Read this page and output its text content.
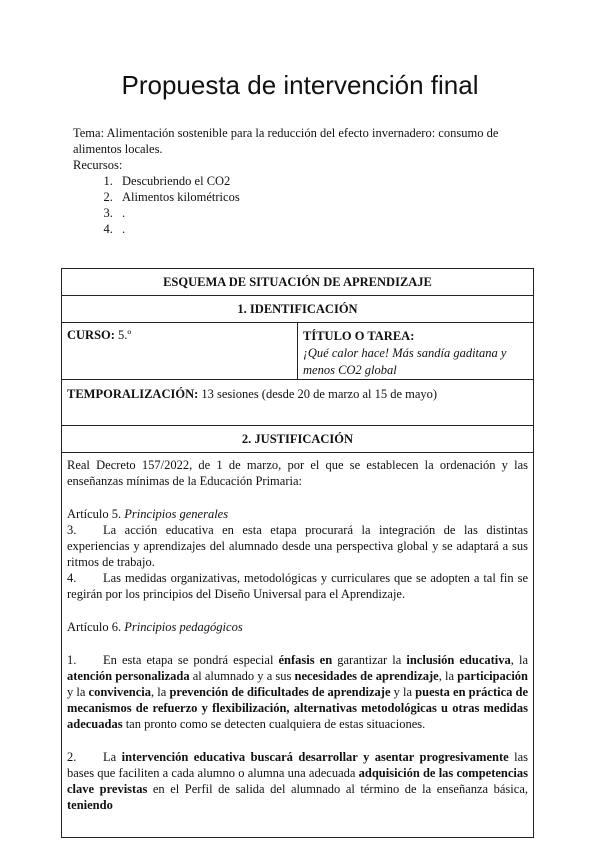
Propuesta de intervención final

Tema: Alimentación sostenible para la reducción del efecto invernadero: consumo de alimentos locales.

Recursos:

1. Descubriendo el CO2
2. Alimentos kilométricos
3. .
4. .
ESQUEMA DE SITUACIÓN DE APRENDIZAJE
1. IDENTIFICACIÓN
CURSO: 5.º	TÍTULO O TAREA:
¡Qué calor hace! Más sandía gaditana y menos CO2 global
TEMPORALIZACIÓN: 13 sesiones (desde 20 de marzo al 15 de mayo)
2. JUSTIFICACIÓN

Real Decreto 157/2022, de 1 de marzo, por el que se establecen la ordenación y las enseñanzas mínimas de la Educación Primaria:

Artículo 5. Principios generales

3. La acción educativa en esta etapa procurará la integración de las distintas experiencias y aprendizajes del alumnado desde una perspectiva global y se adaptará a sus ritmos de trabajo.

4. Las medidas organizativas, metodológicas y curriculares que se adopten a tal fin se regirán por los principios del Diseño Universal para el Aprendizaje.

Artículo 6. Principios pedagógicos

1. En esta etapa se pondrá especial énfasis en garantizar la inclusión educativa, la atención personalizada al alumnado y a sus necesidades de aprendizaje, la participación y la convivencia, la prevención de dificultades de aprendizaje y la puesta en práctica de mecanismos de refuerzo y flexibilización, alternativas metodológicas u otras medidas adecuadas tan pronto como se detecten cualquiera de estas situaciones.

2. La intervención educativa buscará desarrollar y asentar progresivamente las bases que faciliten a cada alumno o alumna una adecuada adquisición de las competencias clave previstas en el Perfil de salida del alumnado al término de la enseñanza básica, teniendo
